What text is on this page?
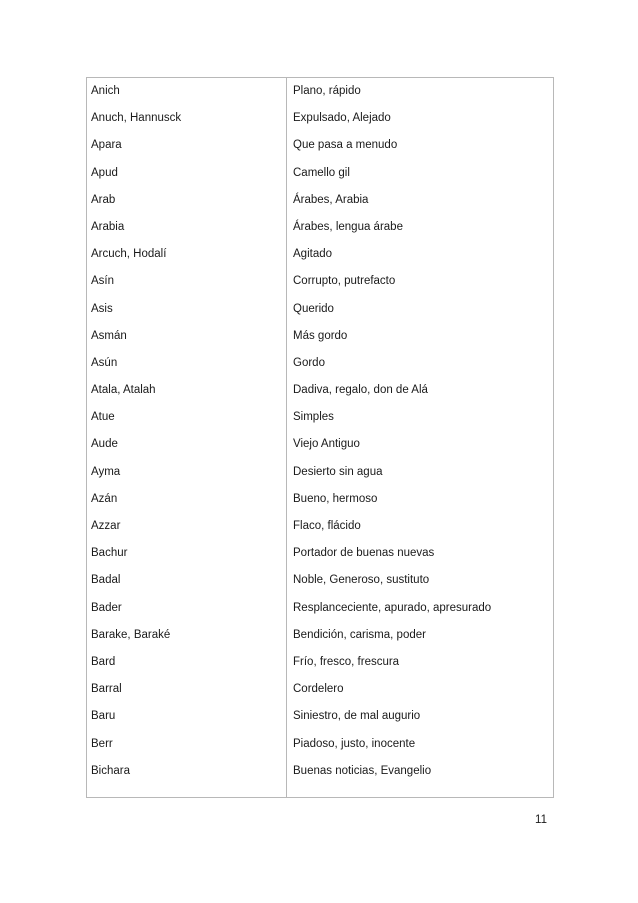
Anich	Plano, rápido
Anuch, Hannusck	Expulsado, Alejado
Apara	Que pasa a menudo
Apud	Camello gil
Arab	Árabes, Arabia
Arabia	Árabes, lengua árabe
Arcuch, Hodalí	Agitado
Asín	Corrupto, putrefacto
Asis	Querido
Asmán	Más gordo
Asún	Gordo
Atala, Atalah	Dadiva, regalo, don de Alá
Atue	Simples
Aude	Viejo Antiguo
Ayma	Desierto sin agua
Azán	Bueno, hermoso
Azzar	Flaco, flácido
Bachur	Portador de buenas nuevas
Badal	Noble, Generoso, sustituto
Bader	Resplanceciente, apurado, apresurado
Barake, Baraké	Bendición, carisma, poder
Bard	Frío, fresco, frescura
Barral	Cordelero
Baru	Siniestro, de mal augurio
Berr	Piadoso, justo, inocente
Bichara	Buenas noticias, Evangelio
11
